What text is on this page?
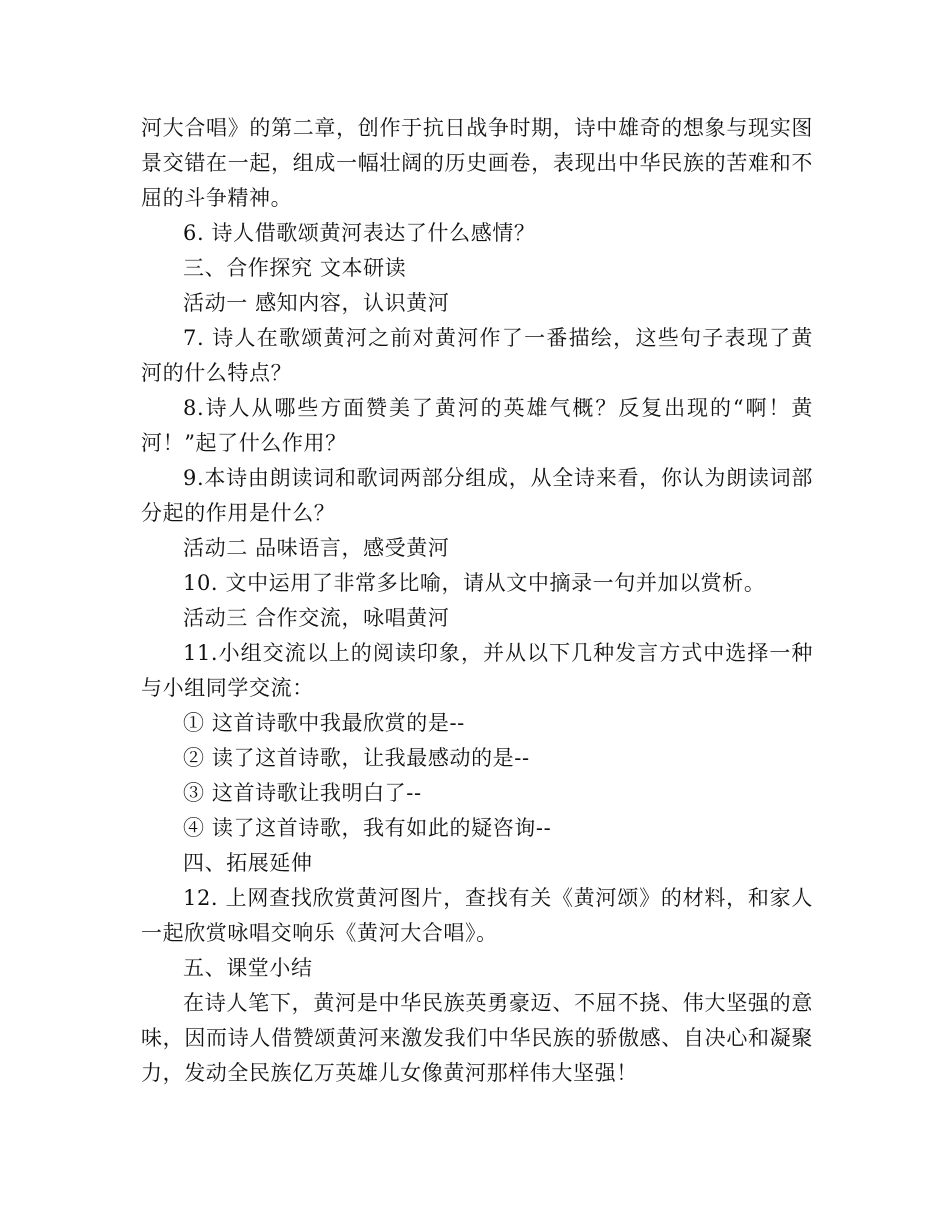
河大合唱》的第二章，创作于抗日战争时期，诗中雄奇的想象与现实图景交错在一起，组成一幅壮阔的历史画卷，表现出中华民族的苦难和不屈的斗争精神。

6. 诗人借歌颂黄河表达了什么感情？

三、合作探究 文本研读

活动一 感知内容，认识黄河

7. 诗人在歌颂黄河之前对黄河作了一番描绘，这些句子表现了黄河的什么特点？

8.诗人从哪些方面赞美了黄河的英雄气概？反复出现的“啊！黄河！”起了什么作用？

9.本诗由朗读词和歌词两部分组成，从全诗来看，你认为朗读词部分起的作用是什么？

活动二 品味语言，感受黄河

10. 文中运用了非常多比喻，请从文中摘录一句并加以赏析。

活动三 合作交流，咏唱黄河

11.小组交流以上的阅读印象，并从以下几种发言方式中选择一种与小组同学交流：

① 这首诗歌中我最欣赏的是--

② 读了这首诗歌，让我最感动的是--

③ 这首诗歌让我明白了--

④ 读了这首诗歌，我有如此的疑咨询--

四、拓展延伸

12. 上网查找欣赏黄河图片，查找有关《黄河颂》的材料，和家人一起欣赏咏唱交响乐《黄河大合唱》。

五、课堂小结

在诗人笔下，黄河是中华民族英勇豪迈、不屈不挠、伟大坚强的意味，因而诗人借赞颂黄河来激发我们中华民族的骄傲感、自决心和凝聚力，发动全民族亿万英雄儿女像黄河那样伟大坚强！
